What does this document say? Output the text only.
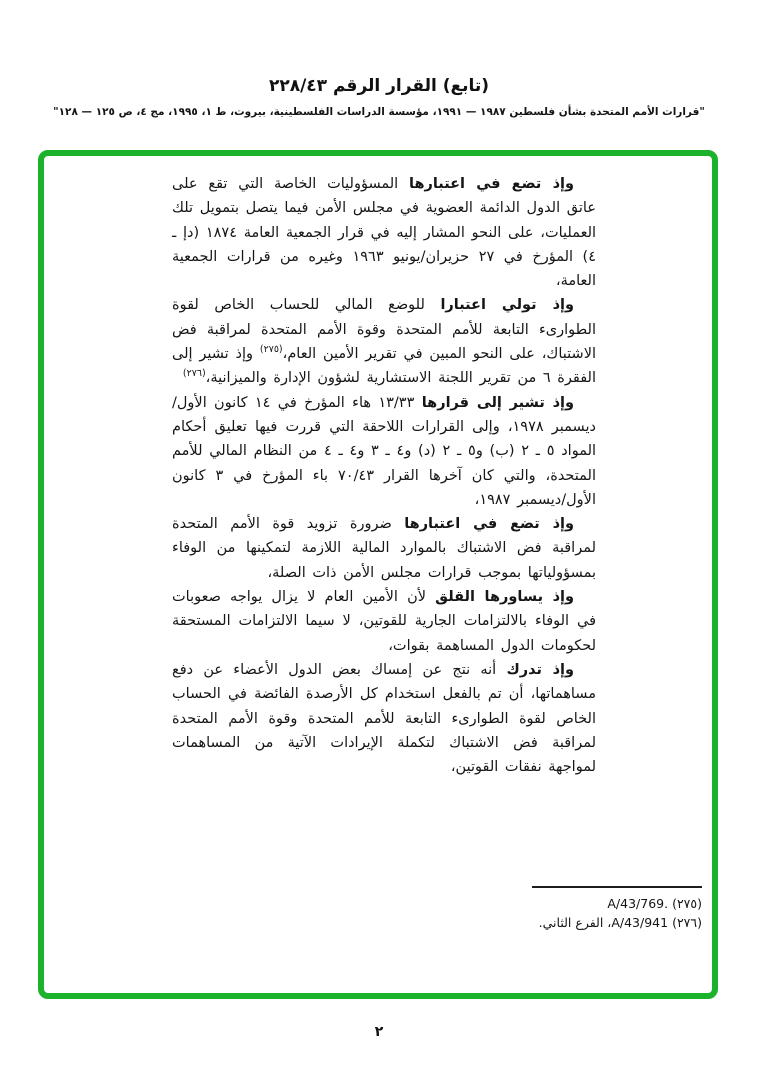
(تابع) القرار الرقم ٢٢٨/٤٣
"قرارات الأمم المتحدة بشأن فلسطين ١٩٨٧ — ١٩٩١، مؤسسة الدراسات الفلسطينية، بيروت، ط ١، ١٩٩٥، مج ٤، ص ١٢٥ — ١٢٨"

وإذ تضع في اعتبارها المسؤوليات الخاصة التي تقع على عاتق الدول الدائمة العضوية في مجلس الأمن فيما يتصل بتمويل تلك العمليات، على النحو المشار إليه في قرار الجمعية العامة ١٨٧٤ (دإ ـ ٤) المؤرخ في ٢٧ حزيران/يونيو ١٩٦٣ وغيره من قرارات الجمعية العامة،

وإذ تولي اعتبارا للوضع المالي للحساب الخاص لقوة الطوارىء التابعة للأمم المتحدة وقوة الأمم المتحدة لمراقبة فض الاشتباك، على النحو المبين في تقرير الأمين العام،$^{(٢٧٥)}$ وإذ تشير إلى الفقرة ٦ من تقرير اللجنة الاستشارية لشؤون الإدارة والميزانية،$^{(٢٧٦)}$

وإذ تشير إلى قرارها ١٣/٣٣ هاء المؤرخ في ١٤ كانون الأول/ديسمبر ١٩٧٨، وإلى القرارات اللاحقة التي قررت فيها تعليق أحكام المواد ٥ ـ ٢ (ب) و٥ ـ ٢ (د) و٤ ـ ٣ و٤ ـ ٤ من النظام المالي للأمم المتحدة، والتي كان آخرها القرار ٧٠/٤٣ باء المؤرخ في ٣ كانون الأول/ديسمبر ١٩٨٧،

وإذ تضع في اعتبارها ضرورة تزويد قوة الأمم المتحدة لمراقبة فض الاشتباك بالموارد المالية اللازمة لتمكينها من الوفاء بمسؤولياتها بموجب قرارات مجلس الأمن ذات الصلة،

وإذ يساورها القلق لأن الأمين العام لا يزال يواجه صعوبات في الوفاء بالالتزامات الجارية للقوتين، لا سيما الالتزامات المستحقة لحكومات الدول المساهمة بقوات،

وإذ تدرك أنه نتج عن إمساك بعض الدول الأعضاء عن دفع مساهماتها، أن تم بالفعل استخدام كل الأرصدة الفائضة في الحساب الخاص لقوة الطوارىء التابعة للأمم المتحدة وقوة الأمم المتحدة لمراقبة فض الاشتباك لتكملة الإيرادات الآتية من المساهمات لمواجهة نفقات القوتين،

(٢٧٥) A/43/769.
(٢٧٦) A/43/941، الفرع الثاني.
٢
